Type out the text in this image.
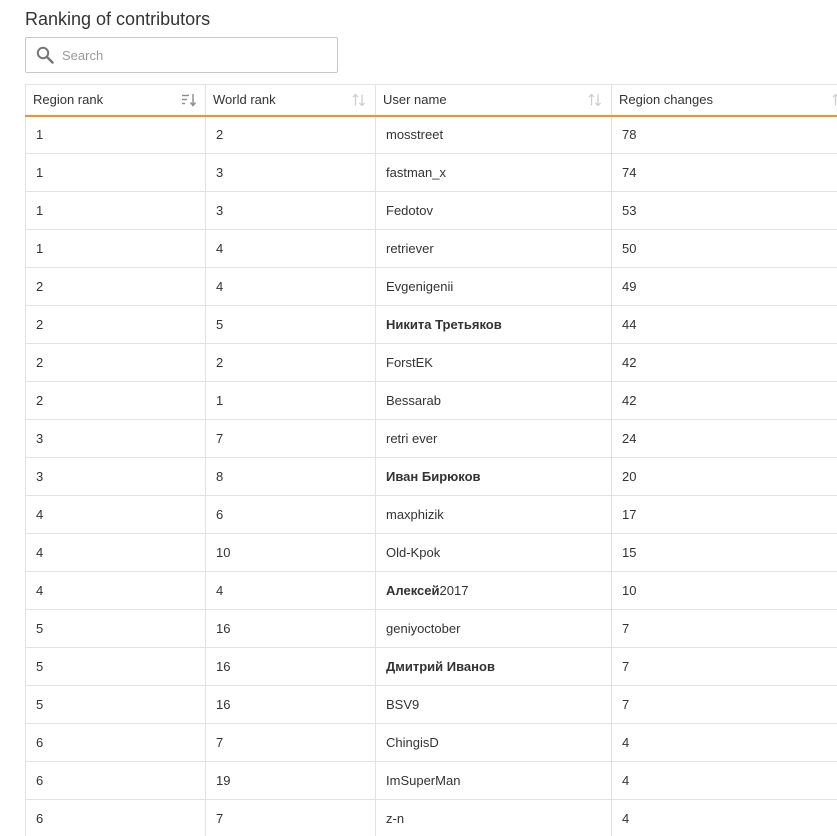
Ranking of contributors
Search
Region rank	World rank	User name	Region changes

1	2	mosstreet	78
1	3	fastman_x	74
1	3	Fedotov	53
1	4	retriever	50
2	4	Evgenigenii	49
2	5	Никита Третьяков	44
2	2	ForstEK	42
2	1	Bessarab	42
3	7	retri ever	24
3	8	Иван Бирюков	20
4	6	maxphizik	17
4	10	Old-Kpok	15
4	4	Алексей2017	10
5	16	geniyoctober	7
5	16	Дмитрий Иванов	7
5	16	BSV9	7
6	7	ChingisD	4
6	19	ImSuperMan	4
6	7	z-n	4
